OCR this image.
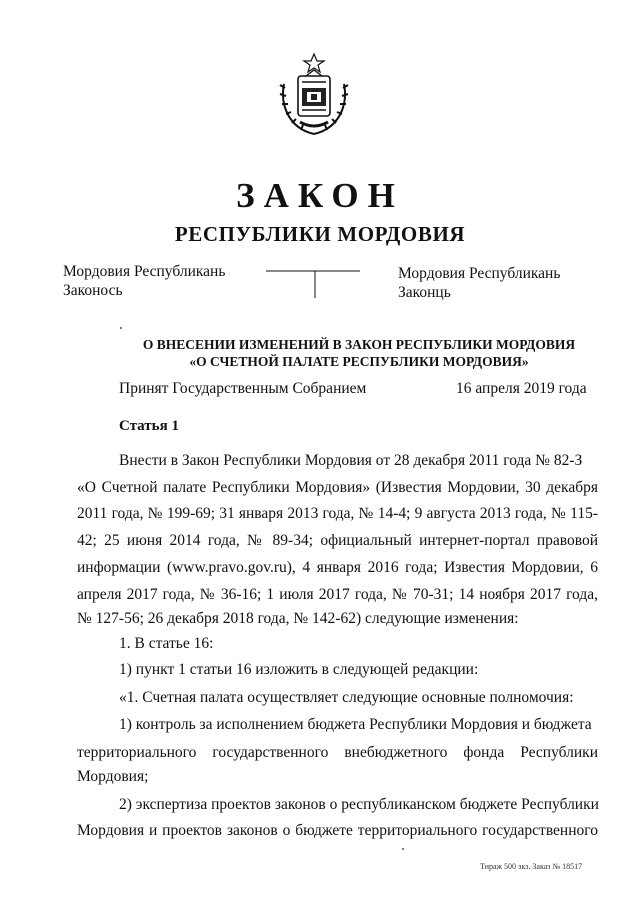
ЗАКОН
РЕСПУБЛИКИ МОРДОВИЯ
Мордовия Республикань
Законось
Мордовия Республикань
Законць
О ВНЕСЕНИИ ИЗМЕНЕНИЙ В ЗАКОН РЕСПУБЛИКИ МОРДОВИЯ
«О СЧЕТНОЙ ПАЛАТЕ РЕСПУБЛИКИ МОРДОВИЯ»
Принят Государственным Собранием	16 апреля 2019 года
Статья 1
Внести в Закон Республики Мордовия от 28 декабря 2011 года № 82-З
«О Счетной палате Республики Мордовия» (Известия Мордовии, 30 декабря
2011 года, № 199-69; 31 января 2013 года, № 14-4; 9 августа 2013 года, № 115-
42; 25 июня 2014 года, № 89-34; официальный интернет-портал правовой
информации (www.pravo.gov.ru), 4 января 2016 года; Известия Мордовии, 6
апреля 2017 года, № 36-16; 1 июля 2017 года, № 70-31; 14 ноября 2017 года,
№ 127-56; 26 декабря 2018 года, № 142-62) следующие изменения:
1. В статье 16:
1) пункт 1 статьи 16 изложить в следующей редакции:
«1. Счетная палата осуществляет следующие основные полномочия:
1) контроль за исполнением бюджета Республики Мордовия и бюджета
территориального государственного внебюджетного фонда Республики
Мордовия;
2) экспертиза проектов законов о республиканском бюджете Республики
Мордовия и проектов законов о бюджете территориального государственного
Тираж 500 экз. Заказ № 18517
